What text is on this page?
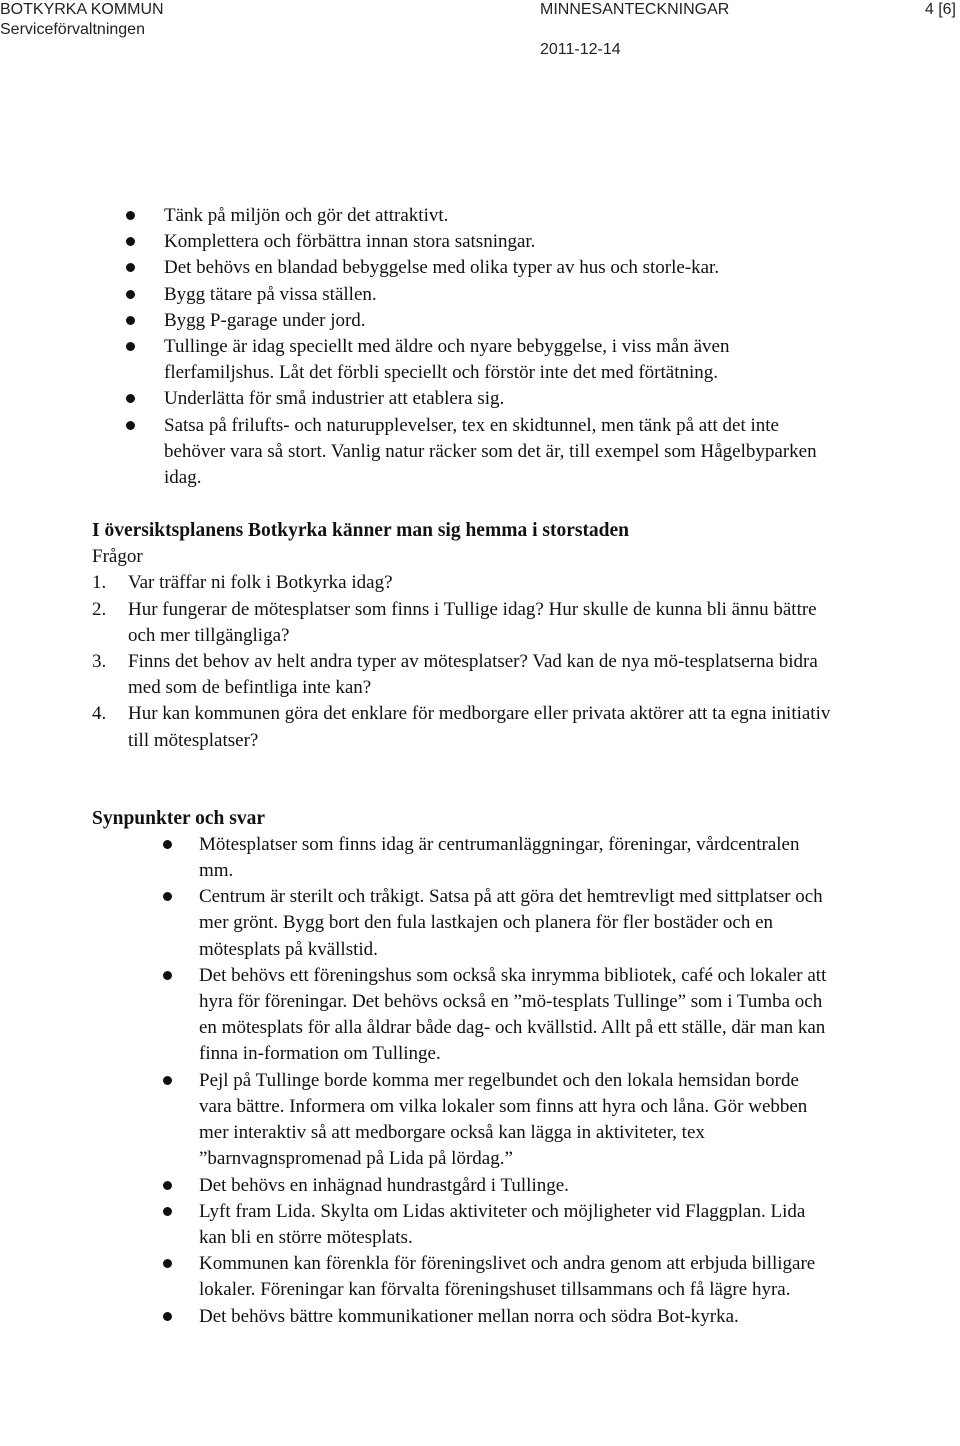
BOTKYRKA KOMMUN
Serviceförvaltningen
MINNESANTECKNINGAR	4 [6]
2011-12-14
Tänk på miljön och gör det attraktivt.
Komplettera och förbättra innan stora satsningar.
Det behövs en blandad bebyggelse med olika typer av hus och storle-kar.
Bygg tätare på vissa ställen.
Bygg P-garage under jord.
Tullinge är idag speciellt med äldre och nyare bebyggelse, i viss mån även flerfamiljshus. Låt det förbli speciellt och förstör inte det med förtätning.
Underlätta för små industrier att etablera sig.
Satsa på frilufts- och naturupplevelser, tex en skidtunnel, men tänk på att det inte behöver vara så stort. Vanlig natur räcker som det är, till exempel som Hågelbyparken idag.
I översiktsplanens Botkyrka känner man sig hemma i storstaden
Frågor
1. Var träffar ni folk i Botkyrka idag?
2. Hur fungerar de mötesplatser som finns i Tullige idag? Hur skulle de kunna bli ännu bättre och mer tillgängliga?
3. Finns det behov av helt andra typer av mötesplatser? Vad kan de nya mö-tesplatserna bidra med som de befintliga inte kan?
4. Hur kan kommunen göra det enklare för medborgare eller privata aktörer att ta egna initiativ till mötesplatser?
Synpunkter och svar
Mötesplatser som finns idag är centrumanläggningar, föreningar, vårdcentralen mm.
Centrum är sterilt och tråkigt. Satsa på att göra det hemtrevligt med sittplatser och mer grönt. Bygg bort den fula lastkajen och planera för fler bostäder och en mötesplats på kvällstid.
Det behövs ett föreningshus som också ska inrymma bibliotek, café och lokaler att hyra för föreningar. Det behövs också en ”mö-tesplats Tullinge” som i Tumba och en mötesplats för alla åldrar både dag- och kvällstid. Allt på ett ställe, där man kan finna in-formation om Tullinge.
Pejl på Tullinge borde komma mer regelbundet och den lokala hemsidan borde vara bättre. Informera om vilka lokaler som finns att hyra och låna. Gör webben mer interaktiv så att medborgare också kan lägga in aktiviteter, tex ”barnvagnspromenad på Lida på lördag.”
Det behövs en inhägnad hundrastgård i Tullinge.
Lyft fram Lida. Skylta om Lidas aktiviteter och möjligheter vid Flaggplan. Lida kan bli en större mötesplats.
Kommunen kan förenkla för föreningslivet och andra genom att erbjuda billigare lokaler. Föreningar kan förvalta föreningshuset tillsammans och få lägre hyra.
Det behövs bättre kommunikationer mellan norra och södra Bot-kyrka.
